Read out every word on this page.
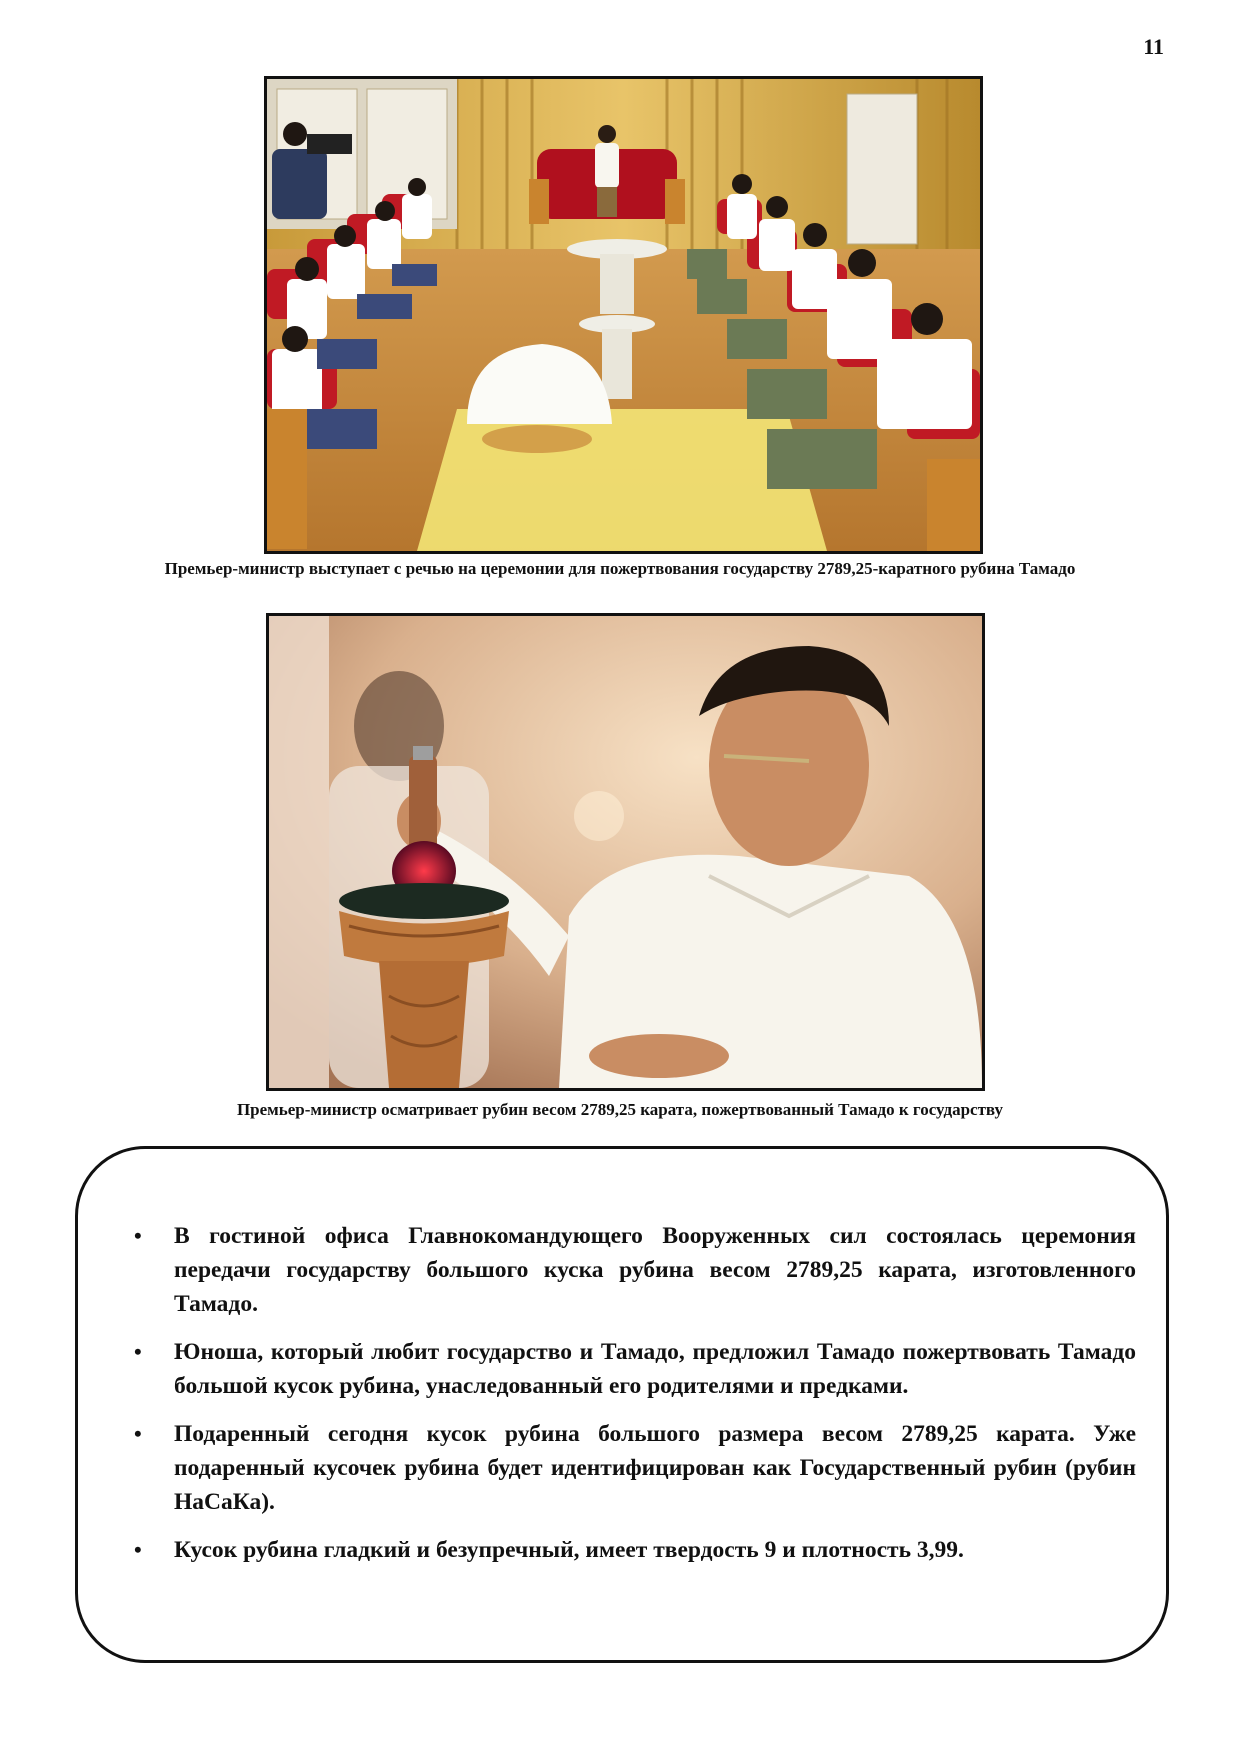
11
Премьер-министр выступает с речью на церемонии для пожертвования государству 2789,25-каратного рубина Тамадо
Премьер-министр осматривает рубин весом 2789,25 карата, пожертвованный Тамадо к государству
• В гостиной офиса Главнокомандующего Вооруженных сил состоялась церемония передачи государству большого куска рубина весом 2789,25 карата, изготовленного Тамадо.
• Юноша, который любит государство и Тамадо, предложил Тамадо пожертвовать Тамадо большой кусок рубина, унаследованный его родителями и предками.
• Подаренный сегодня кусок рубина большого размера весом 2789,25 карата. Уже подаренный кусочек рубина будет идентифицирован как Государственный рубин (рубин НаСаКа).
• Кусок рубина гладкий и безупречный, имеет твердость 9 и плотность 3,99.
